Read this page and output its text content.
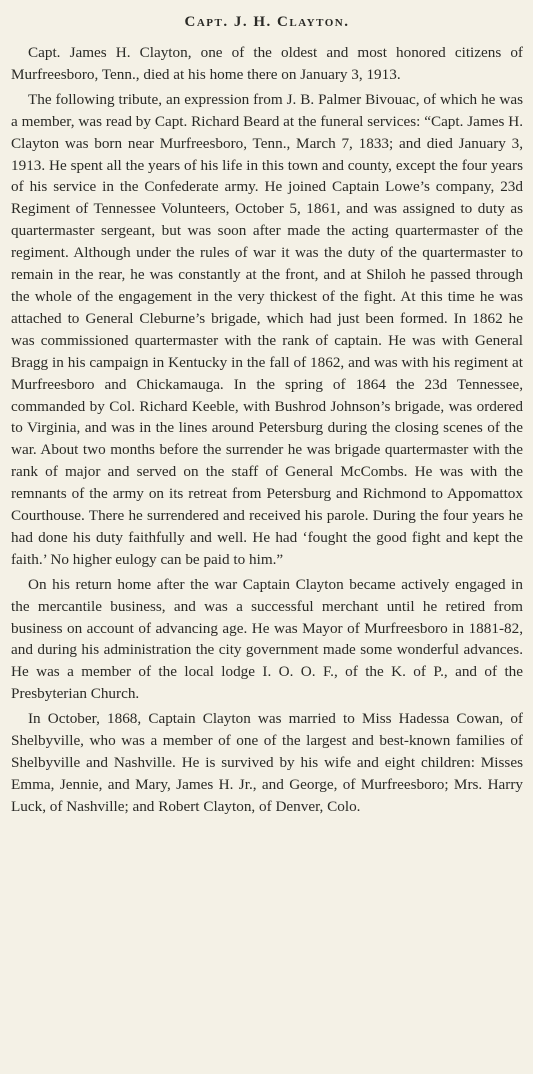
Capt. J. H. Clayton.

Capt. James H. Clayton, one of the oldest and most honored citizens of Murfreesboro, Tenn., died at his home there on January 3, 1913.

The following tribute, an expression from J. B. Palmer Bivouac, of which he was a member, was read by Capt. Richard Beard at the funeral services: “Capt. James H. Clayton was born near Murfreesboro, Tenn., March 7, 1833; and died January 3, 1913. He spent all the years of his life in this town and county, except the four years of his service in the Confederate army. He joined Captain Lowe’s company, 23d Regiment of Tennessee Volunteers, October 5, 1861, and was assigned to duty as quartermaster sergeant, but was soon after made the acting quartermaster of the regiment. Although under the rules of war it was the duty of the quartermaster to remain in the rear, he was constantly at the front, and at Shiloh he passed through the whole of the engagement in the very thickest of the fight. At this time he was attached to General Cleburne’s brigade, which had just been formed. In 1862 he was commissioned quartermaster with the rank of captain. He was with General Bragg in his campaign in Kentucky in the fall of 1862, and was with his regiment at Murfreesboro and Chickamauga. In the spring of 1864 the 23d Tennessee, commanded by Col. Richard Keeble, with Bushrod Johnson’s brigade, was ordered to Virginia, and was in the lines around Petersburg during the closing scenes of the war. About two months before the surrender he was brigade quartermaster with the rank of major and served on the staff of General McCombs. He was with the remnants of the army on its retreat from Petersburg and Richmond to Appomattox Courthouse. There he surrendered and received his parole. During the four years he had done his duty faithfully and well. He had ‘fought the good fight and kept the faith.’ No higher eulogy can be paid to him.”

On his return home after the war Captain Clayton became actively engaged in the mercantile business, and was a successful merchant until he retired from business on account of advancing age. He was Mayor of Murfreesboro in 1881-82, and during his administration the city government made some wonderful advances. He was a member of the local lodge I. O. O. F., of the K. of P., and of the Presbyterian Church.

In October, 1868, Captain Clayton was married to Miss Hadessa Cowan, of Shelbyville, who was a member of one of the largest and best-known families of Shelbyville and Nashville. He is survived by his wife and eight children: Misses Emma, Jennie, and Mary, James H. Jr., and George, of Murfreesboro; Mrs. Harry Luck, of Nashville; and Robert Clayton, of Denver, Colo.
